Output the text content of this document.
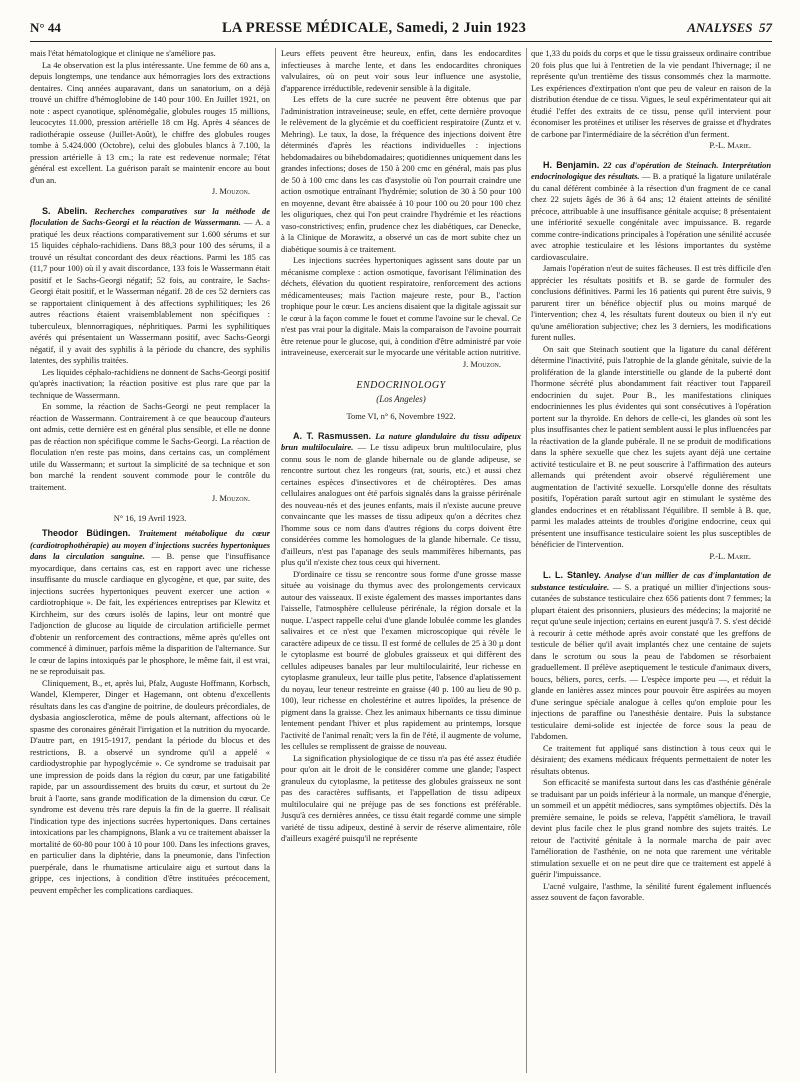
N° 44	LA PRESSE MÉDICALE, Samedi, 2 Juin 1923	ANALYSES 57

mais l'état hématologique et clinique ne s'améliore pas.

La 4e observation est la plus intéressante. Une femme de 60 ans a, depuis longtemps, une tendance aux hémorragies lors des extractions dentaires. Cinq années auparavant, dans un sanatorium, on a déjà trouvé un chiffre d'hémoglobine de 140 pour 100. En Juillet 1921, on note : aspect cyanotique, splénomégalie, globules rouges 15 millions, leucocytes 11.000, pression artérielle 18 cm Hg. Après 4 séances de radiothérapie osseuse (Juillet-Août), le chiffre des globules rouges tombe à 5.424.000 (Octobre), celui des globules blancs à 7.100, la pression artérielle à 13 cm.; la rate est redevenue normale; l'état général est excellent. La guérison paraît se maintenir encore au bout d'un an.

J. Mouzon.

S. Abelin. Recherches comparatives sur la méthode de floculation de Sachs-Georgi et la réaction de Wassermann. — A. a pratiqué les deux réactions comparativement sur 1.600 sérums et sur 15 liquides céphalo-rachidiens. Dans 88,3 pour 100 des sérums, il a trouvé un résultat concordant des deux réactions. Parmi les 185 cas (11,7 pour 100) où il y avait discordance, 133 fois le Wassermann était positif et le Sachs-Georgi négatif; 52 fois, au contraire, le Sachs-Georgi était positif, et le Wasserman négatif. 28 de ces 52 derniers cas se rapportaient cliniquement à des affections syphilitiques; les 26 autres réactions étaient vraisemblablement non spécifiques : tuberculeux, blennorragiques, néphritiques. Parmi les syphilitiques avérés qui présentaient un Wassermann positif, avec Sachs-Georgi négatif, il y avait des syphilis à la période du chancre, des syphilis latentes, des syphilis traitées.

Les liquides céphalo-rachidiens ne donnent de Sachs-Georgi positif qu'après inactivation; la réaction positive est plus rare que par la technique de Wassermann.

En somme, la réaction de Sachs-Georgi ne peut remplacer la réaction de Wassermann. Contrairement à ce que beaucoup d'auteurs ont admis, cette dernière est en général plus sensible, et elle ne donne pas de réaction non spécifique comme le Sachs-Georgi. La réaction de floculation n'en reste pas moins, dans certains cas, un complément utile du Wassermann; et surtout la simplicité de sa technique et son bon marché la rendent souvent commode pour le contrôle du traitement.

J. Mouzon.

N° 16, 19 Avril 1923.

Theodor Büdingen. Traitement métabolique du cœur (cardiotrophothérapie) au moyen d'injections sucrées hypertoniques dans la circulation sanguine. — B. pense que l'insuffisance myocardique, dans certains cas, est en rapport avec une richesse insuffisante du muscle cardiaque en glycogène, et que, par suite, des injections sucrées hypertoniques peuvent exercer une action « cardiotrophique ». De fait, les expériences entreprises par Klewitz et Kirchheim, sur des cœurs isolés de lapins, leur ont montré que l'adjonction de glucose au liquide de circulation artificielle permet d'obtenir un renforcement des contractions, même après qu'elles ont commencé à diminuer, parfois même la disparition de l'alternance. Sur le cœur de lapins intoxiqués par le phosphore, le même fait, il est vrai, ne se reproduisait pas.

Cliniquement, B., et, après lui, Pfalz, Auguste Hoffmann, Korbsch, Wandel, Klemperer, Dinger et Hagemann, ont obtenu d'excellents résultats dans les cas d'angine de poitrine, de douleurs précordiales, de dysbasia angiosclerotica, même de pouls alternant, affections où le spasme des coronaires générait l'irrigation et la nutrition du myocarde. D'autre part, en 1915-1917, pendant la période du blocus et des restrictions, B. a observé un syndrome qu'il a appelé « cardiodystrophie par hypoglycémie ». Ce syndrome se traduisait par une impression de poids dans la région du cœur, par une fatigabilité rapide, par un assourdissement des bruits du cœur, et surtout du 2e bruit à l'aorte, sans grande modification de la dimension du cœur. Ce syndrome est devenu très rare depuis la fin de la guerre. Il réalisait l'indication type des injections sucrées hypertoniques. Dans certaines intoxications par les champignons, Blank a vu ce traitement abaisser la mortalité de 60-80 pour 100 à 10 pour 100. Dans les infections graves, en particulier dans la diphtérie, dans la pneumonie, dans l'infection puerpérale, dans le rhumatisme articulaire aigu et surtout dans la grippe, ces injections, à condition d'être instituées précocement, peuvent empêcher les complications cardiaques.

Leurs effets peuvent être heureux, enfin, dans les endocardites infectieuses à marche lente, et dans les endocardites chroniques valvulaires, où on peut voir sous leur influence une asystolie, d'apparence irréductible, redevenir sensible à la digitale.

Les effets de la cure sucrée ne peuvent être obtenus que par l'administration intraveineuse; seule, en effet, cette dernière provoque le relèvement de la glycémie et du coefficient respiratoire (Zuntz et v. Mehring). Le taux, la dose, la fréquence des injections doivent être déterminés d'après les réactions individuelles : injections hebdomadaires ou bihebdomadaires; quotidiennes uniquement dans les grandes infections; doses de 150 à 200 cmc en général, mais pas plus de 50 à 100 cmc dans les cas d'asystolie où l'on pourrait craindre une action osmotique entraînant l'hydrémie; solution de 30 à 50 pour 100 en moyenne, devant être abaissée à 10 pour 100 ou 20 pour 100 chez les oliguriques, chez qui l'on peut craindre l'hydrémie et les réactions vaso-constrictives; enfin, prudence chez les diabétiques, car Denecke, à la Clinique de Morawitz, a observé un cas de mort subite chez un diabétique soumis à ce traitement.

Les injections sucrées hypertoniques agissent sans doute par un mécanisme complexe : action osmotique, favorisant l'élimination des déchets, élévation du quotient respiratoire, renforcement des actions médicamenteuses; mais l'action majeure reste, pour B., l'action trophique pour le cœur. Les anciens disaient que la digitale agissait sur le cœur à la façon comme le fouet et comme l'avoine sur le cheval. Ce n'est pas vrai pour la digitale. Mais la comparaison de l'avoine pourrait être retenue pour le glucose, qui, à condition d'être administré par voie intraveineuse, exercerait sur le myocarde une véritable action nutritive.

J. Mouzon.

ENDOCRINOLOGY

(Los Angeles)

Tome VI, n° 6, Novembre 1922.

A. T. Rasmussen. La nature glandulaire du tissu adipeux brun multiloculaire. — Le tissu adipeux brun multiloculaire, plus connu sous le nom de glande hibernale ou de glande adipeuse, se rencontre surtout chez les rongeurs (rat, souris, etc.) et aussi chez certaines espèces d'insectivores et de chéiroptères. Des amas cellulaires analogues ont été parfois signalés dans la graisse périrénale des nouveau-nés et des jeunes enfants, mais il n'existe aucune preuve convaincante que les masses de tissu adipeux qu'on a décrites chez l'homme sous ce nom dans d'autres régions du corps doivent être considérées comme les homologues de la glande hibernale. Ce tissu, d'ailleurs, n'est pas l'apanage des seuls mammifères hibernants, pas plus qu'il n'existe chez tous ceux qui hivernent.

D'ordinaire ce tissu se rencontre sous forme d'une grosse masse située au voisinage du thymus avec des prolongements cervicaux autour des vaisseaux. Il existe également des masses importantes dans l'aisselle, l'atmosphère celluleuse périrénale, la région dorsale et la nuque. L'aspect rappelle celui d'une glande lobulée comme les glandes salivaires et ce n'est que l'examen microscopique qui révèle le caractère adipeux de ce tissu. Il est formé de cellules de 25 à 30 µ dont le cytoplasme est bourré de globules graisseux et qui diffèrent des cellules adipeuses banales par leur multiloculairité, leur richesse en cytoplasme granuleux, leur taille plus petite, l'absence d'aplatissement du noyau, leur teneur restreinte en graisse (40 p. 100 au lieu de 90 p. 100), leur richesse en cholestérine et autres lipoïdes, la présence de pigment dans la graisse. Chez les animaux hibernants ce tissu diminue lentement pendant l'hiver et plus rapidement au printemps, lorsque l'activité de l'animal renaît; vers la fin de l'été, il augmente de volume, les cellules se remplissent de graisse de nouveau.

La signification physiologique de ce tissu n'a pas été assez étudiée pour qu'on ait le droit de le considérer comme une glande; l'aspect granuleux du cytoplasme, la petitesse des globules graisseux ne sont pas des caractères suffisants, et l'appellation de tissu adipeux multiloculaire qui ne préjuge pas de ses fonctions est préférable. Jusqu'à ces dernières années, ce tissu était regardé comme une simple variété de tissu adipeux, destiné à servir de réserve alimentaire, rôle d'ailleurs exagéré puisqu'il ne représente

que 1,33 du poids du corps et que le tissu graisseux ordinaire contribue 20 fois plus que lui à l'entretien de la vie pendant l'hivernage; il ne représente qu'un trentième des tissus consommés chez la marmotte. Les expériences d'extirpation n'ont que peu de valeur en raison de la distribution étendue de ce tissu. Vigues, le seul expérimentateur qui ait étudié l'effet des extraits de ce tissu, pense qu'il intervient pour économiser les protéines et utiliser les réserves de graisse et d'hydrates de carbone par l'intermédiaire de la sécrétion d'un ferment.

P.-L. Marie.

H. Benjamin. 22 cas d'opération de Steinach. Interprétation endocrinologique des résultats. — B. a pratiqué la ligature unilatérale du canal déférent combinée à la résection d'un fragment de ce canal chez 22 sujets âgés de 36 à 64 ans; 12 étaient atteints de sénilité précoce, attribuable à une insuffisance génitale acquise; 8 présentaient une infériorité sexuelle congénitale avec impuissance. B. regarde comme contre-indications principales à l'opération une sénilité accusée avec atrophie testiculaire et les lésions importantes du système cardiovasculaire.

Jamais l'opération n'eut de suites fâcheuses. Il est très difficile d'en apprécier les résultats positifs et B. se garde de formuler des conclusions définitives. Parmi les 16 patients qui purent être suivis, 9 parurent tirer un bénéfice objectif plus ou moins marqué de l'intervention; chez 4, les résultats furent douteux ou bien il n'y eut qu'une amélioration subjective; chez les 3 derniers, les modifications furent nulles.

On sait que Steinach soutient que la ligature du canal déférent détermine l'inactivité, puis l'atrophie de la glande génitale, suivie de la prolifération de la glande interstitielle ou glande de la puberté dont l'hormone sécrété plus abondamment fait réactiver tout l'appareil endocrinien du sujet. Pour B., les manifestations cliniques endocriniennes les plus évidentes qui sont consécutives à l'opération portent sur la thyroïde. En dehors de celle-ci, les glandes où sont les plus insuffisantes chez le patient semblent aussi le plus influencées par la réactivation de la glande pubérale. Il ne se produit de modifications dans la sphère sexuelle que chez les sujets ayant déjà une certaine activité testiculaire et B. ne peut souscrire à l'affirmation des auteurs allemands qui prétendent avoir observé régulièrement une augmentation de l'activité sexuelle. Lorsqu'elle donne des résultats positifs, l'opération paraît surtout agir en stimulant le système des glandes endocrines et en rétablissant l'équilibre. Il semble à B. que, parmi les malades atteints de troubles d'origine endocrine, ceux qui présentent une insuffisance testiculaire soient les plus susceptibles de bénéficier de l'intervention.

P.-L. Marie.

L. L. Stanley. Analyse d'un millier de cas d'implantation de substance testiculaire. — S. a pratiqué un millier d'injections sous-cutanées de substance testiculaire chez 656 patients dont 7 femmes; la plupart étaient des prisonniers, plusieurs des médecins; la majorité ne reçut qu'une seule injection; certains en eurent jusqu'à 7. S. s'est décidé à recourir à cette méthode après avoir constaté que les greffons de testicule de bélier qu'il avait implantés chez une centaine de sujets dans le scrotum ou sous la peau de l'abdomen se résorbaient graduellement. Il prélève aseptiquement le testicule d'animaux divers, boucs, béliers, porcs, cerfs. — L'espèce importe peu —, et réduit la glande en lanières assez minces pour pouvoir être aspirées au moyen d'une seringue spéciale analogue à celles qu'on emploie pour les injections de paraffine ou l'anesthésie dentaire. Puis la substance testiculaire demi-solide est injectée de force sous la peau de l'abdomen.

Ce traitement fut appliqué sans distinction à tous ceux qui le désiraient; des examens médicaux fréquents permettaient de noter les résultats obtenus.

Son efficacité se manifesta surtout dans les cas d'asthénie générale se traduisant par un poids inférieur à la normale, un manque d'énergie, un sommeil et un appétit médiocres, sans symptômes objectifs. Dès la première semaine, le poids se releva, l'appétit s'améliora, le travail devint plus facile chez le plus grand nombre des sujets traités. Le retour de l'activité génitale à la normale marcha de pair avec l'amélioration de l'asthénie, on ne nota que rarement une véritable stimulation sexuelle et on ne peut dire que ce traitement est appelé à guérir l'impuissance.

L'acné vulgaire, l'asthme, la sénilité furent également influencés assez souvent de façon favorable.
